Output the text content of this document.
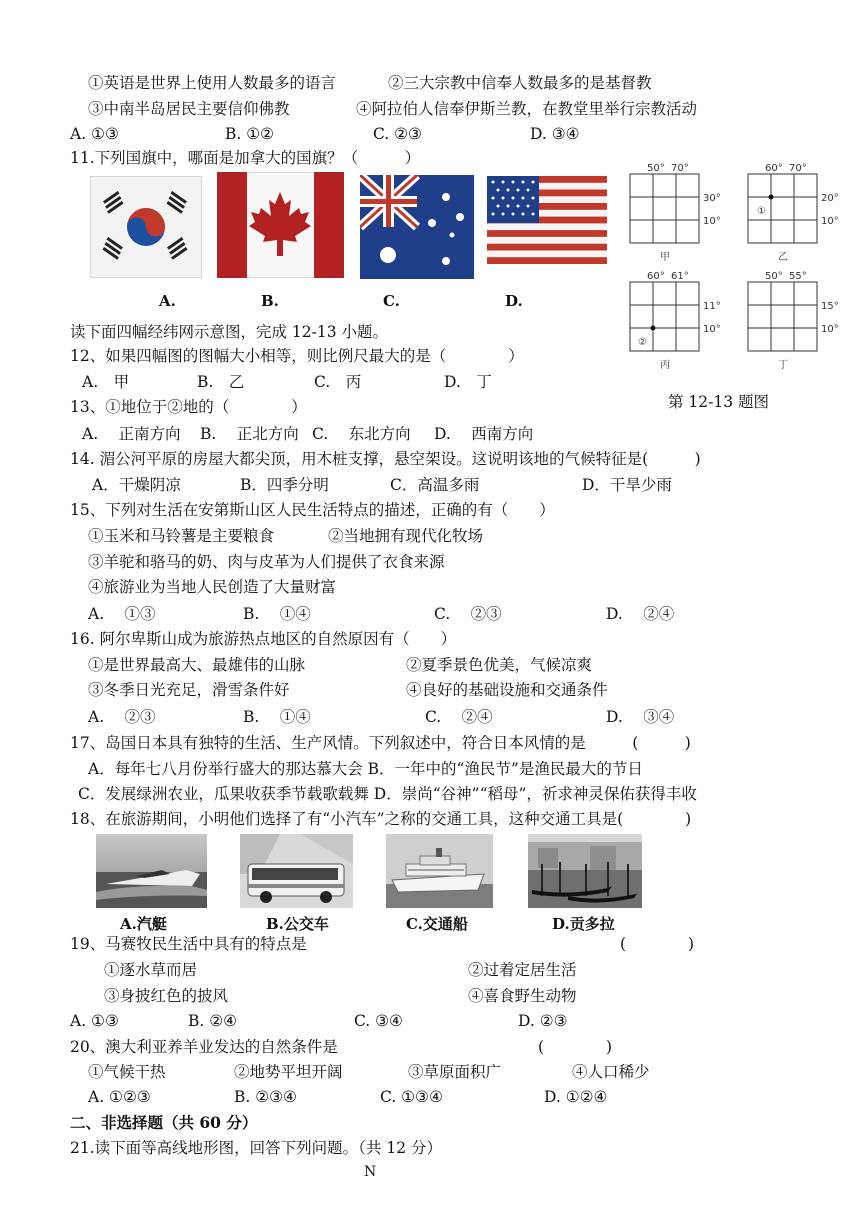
①英语是世界上使用人数最多的语言	②三大宗教中信奉人数最多的是基督教
③中南半岛居民主要信仰佛教	④阿拉伯人信奉伊斯兰教，在教堂里举行宗教活动
A. ①③	B. ①②	C. ②③	D. ③④
11.下列国旗中，哪面是加拿大的国旗？（　　　）
A.	B.	C.	D.
50° 70°
30°
10°
甲
①
60° 70°
20°
10°
乙
②
60° 61°
11°
10°
丙
50° 55°
15°
10°
丁
第 12-13 题图
读下面四幅经纬网示意图，完成 12-13 小题。
12、如果四幅图的图幅大小相等，则比例尺最大的是（　　　　）
A.　甲	B.　乙	C.　丙	D.　丁
13、①地位于②地的（　　　　）
A.　 正南方向 B.　 正北方向 C.　 东北方向 D.　 西南方向
14. 湄公河平原的房屋大都尖顶，用木桩支撑，悬空架设。这说明该地的气候特征是(　　　)
A．干燥阴凉	B．四季分明	C．高温多雨	D．干旱少雨
15、下列对生活在安第斯山区人民生活特点的描述，正确的有（　　）
①玉米和马铃薯是主要粮食	②当地拥有现代化牧场
③羊驼和骆马的奶、肉与皮革为人们提供了衣食来源
④旅游业为当地人民创造了大量财富
A.　 ①③	B.　 ①④	C.　 ②③	D.　 ②④
16. 阿尔卑斯山成为旅游热点地区的自然原因有（　　）
①是世界最高大、最雄伟的山脉	②夏季景色优美，气候凉爽
③冬季日光充足，滑雪条件好	④良好的基础设施和交通条件
A.　 ②③	B.　 ①④	C.　 ②④	D.　 ③④
17、岛国日本具有独特的生活、生产风情。下列叙述中，符合日本风情的是　　　(　　　)
A．每年七八月份举行盛大的那达慕大会 B．一年中的“渔民节”是渔民最大的节日
C．发展绿洲农业，瓜果收获季节载歌载舞 D．崇尚“谷神”“稻母”，祈求神灵保佑获得丰收
18、在旅游期间，小明他们选择了有“小汽车”之称的交通工具，这种交通工具是(　　　　)
A.汽艇	B.公交车	C.交通船	D.贡多拉
19、马赛牧民生活中具有的特点是	(　　　　)
①逐水草而居	②过着定居生活
③身披红色的披风	④喜食野生动物
A. ①③	B. ②④	C. ③④	D. ②③
20、澳大利亚养羊业发达的自然条件是	(　　　　)
①气候干热	②地势平坦开阔	③草原面积广	④人口稀少
A. ①②③	B. ②③④	C. ①③④	D. ①②④
二、非选择题（共 60 分）
21.读下面等高线地形图，回答下列问题。（共 12 分）
N
